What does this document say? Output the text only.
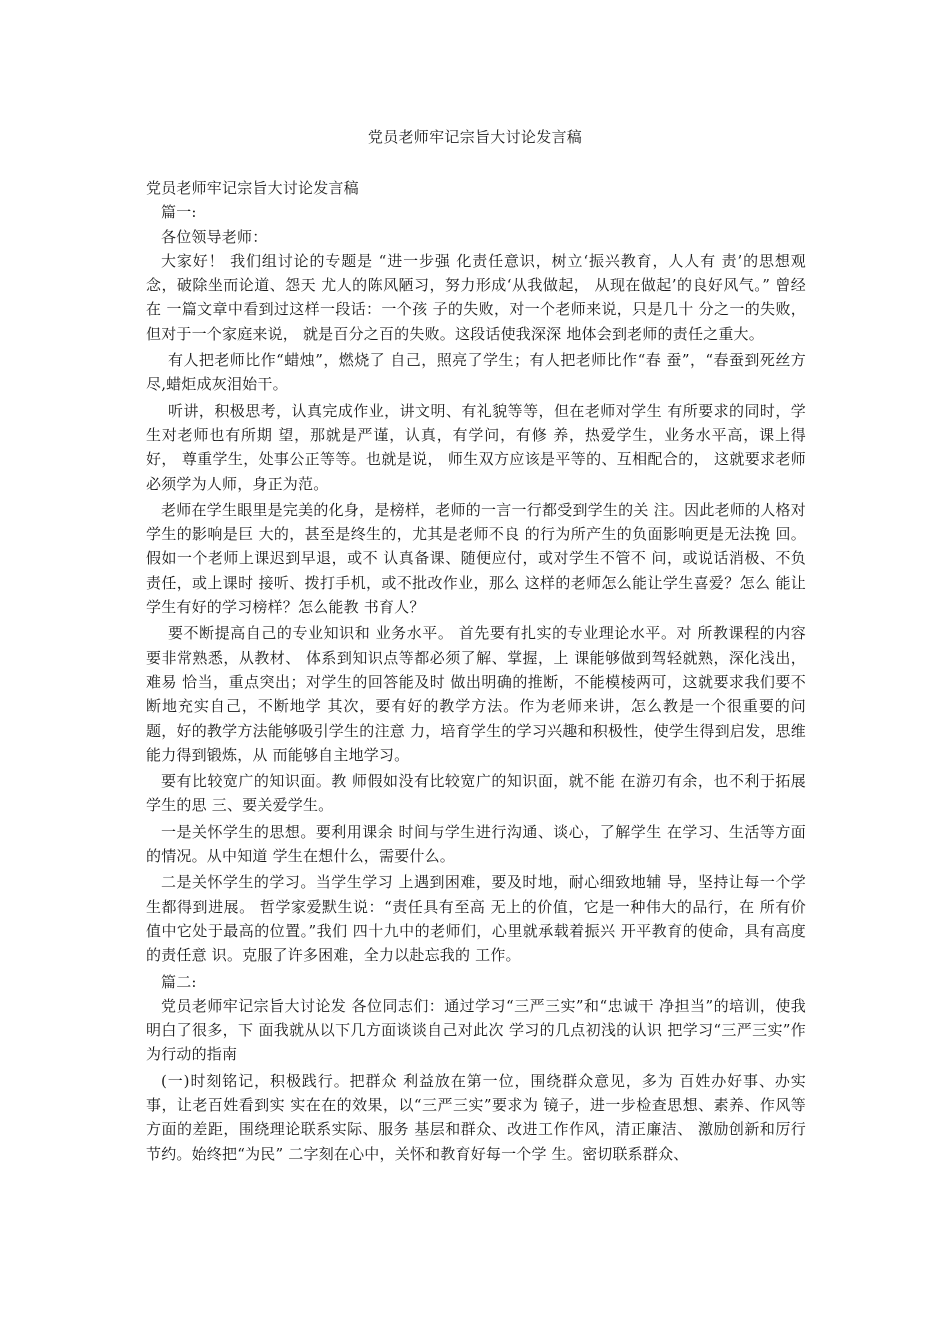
党员老师牢记宗旨大讨论发言稿

党员老师牢记宗旨大讨论发言稿

篇一:

各位领导老师：

大家好！ 我们组讨论的专题是 “进一步强 化责任意识，树立‘振兴教育，人人有 责’的思想观念，破除坐而论道、怨天 尤人的陈风陋习，努力形成‘从我做起， 从现在做起’的良好风气。” 曾经在 一篇文章中看到过这样一段话：一个孩 子的失败，对一个老师来说，只是几十 分之一的失败，但对于一个家庭来说， 就是百分之百的失败。这段话使我深深 地体会到老师的责任之重大。

有人把老师比作“蜡烛”，燃烧了 自己，照亮了学生；有人把老师比作“春 蚕”，“春蚕到死丝方尽,蜡炬成灰泪始干。

听讲，积极思考，认真完成作业，讲文明、有礼貌等等，但在老师对学生 有所要求的同时，学生对老师也有所期 望，那就是严谨，认真，有学问，有修 养，热爱学生，业务水平高，课上得好， 尊重学生，处事公正等等。也就是说， 师生双方应该是平等的、互相配合的， 这就要求老师必须学为人师，身正为范。

老师在学生眼里是完美的化身，是榜样，老师的一言一行都受到学生的关 注。因此老师的人格对学生的影响是巨 大的，甚至是终生的，尤其是老师不良 的行为所产生的负面影响更是无法挽 回。假如一个老师上课迟到早退，或不 认真备课、随便应付，或对学生不管不 问，或说话消极、不负责任，或上课时 接听、拨打手机，或不批改作业，那么 这样的老师怎么能让学生喜爱？怎么 能让学生有好的学习榜样？怎么能教 书育人？

要不断提高自己的专业知识和 业务水平。 首先要有扎实的专业理论水平。对 所教课程的内容要非常熟悉，从教材、 体系到知识点等都必须了解、掌握，上 课能够做到驾轻就熟，深化浅出，难易 恰当，重点突出；对学生的回答能及时 做出明确的推断，不能模棱两可，这就要求我们要不断地充实自己，不断地学 其次，要有好的教学方法。作为老师来讲，怎么教是一个很重要的问 题，好的教学方法能够吸引学生的注意 力，培育学生的学习兴趣和积极性，使学生得到启发，思维能力得到锻炼，从 而能够自主地学习。

要有比较宽广的知识面。教 师假如没有比较宽广的知识面，就不能 在游刃有余，也不利于拓展学生的思 三、要关爱学生。

一是关怀学生的思想。要利用课余 时间与学生进行沟通、谈心，了解学生 在学习、生活等方面的情况。从中知道 学生在想什么，需要什么。

二是关怀学生的学习。当学生学习 上遇到困难，要及时地，耐心细致地辅 导，坚持让每一个学生都得到进展。 哲学家爱默生说：“责任具有至高 无上的价值，它是一种伟大的品行，在 所有价值中它处于最高的位置。”我们 四十九中的老师们，心里就承载着振兴 开平教育的使命，具有高度的责任意 识。克服了许多困难，全力以赴忘我的 工作。

篇二:

党员老师牢记宗旨大讨论发 各位同志们：通过学习“三严三实”和“忠诚干 净担当”的培训，使我明白了很多，下 面我就从以下几方面谈谈自己对此次 学习的几点初浅的认识 把学习“三严三实”作为行动的指南

(一)时刻铭记，积极践行。把群众 利益放在第一位，围绕群众意见，多为 百姓办好事、办实事，让老百姓看到实 实在在的效果，以“三严三实”要求为 镜子，进一步检查思想、素养、作风等 方面的差距，围绕理论联系实际、服务 基层和群众、改进工作作风，清正廉洁、 激励创新和厉行节约。始终把“为民” 二字刻在心中，关怀和教育好每一个学 生。密切联系群众、
